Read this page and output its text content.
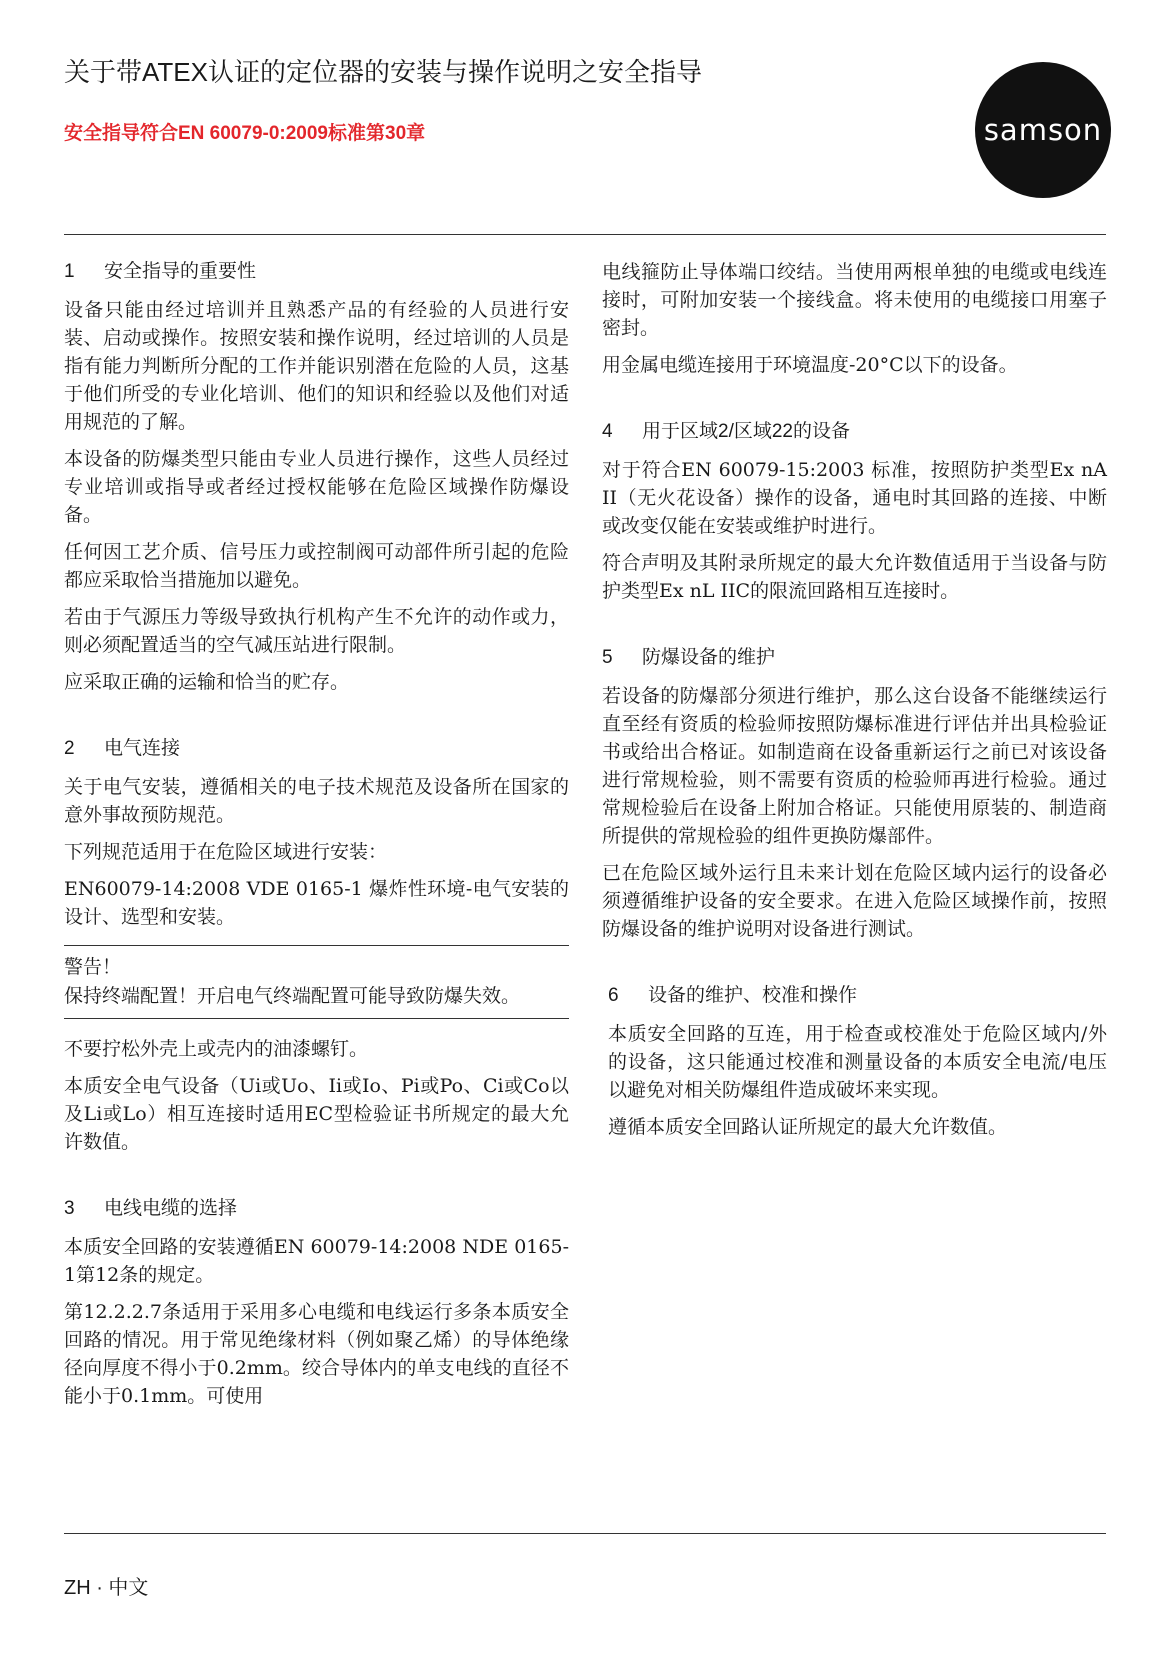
关于带ATEX认证的定位器的安装与操作说明之安全指导
安全指导符合EN 60079-0:2009标准第30章	samson
1 安全指导的重要性

设备只能由经过培训并且熟悉产品的有经验的人员进行安装、启动或操作。按照安装和操作说明，经过培训的人员是指有能力判断所分配的工作并能识别潜在危险的人员，这基于他们所受的专业化培训、他们的知识和经验以及他们对适用规范的了解。

本设备的防爆类型只能由专业人员进行操作，这些人员经过专业培训或指导或者经过授权能够在危险区域操作防爆设备。

任何因工艺介质、信号压力或控制阀可动部件所引起的危险都应采取恰当措施加以避免。

若由于气源压力等级导致执行机构产生不允许的动作或力，则必须配置适当的空气减压站进行限制。

应采取正确的运输和恰当的贮存。

2 电气连接

关于电气安装，遵循相关的电子技术规范及设备所在国家的意外事故预防规范。

下列规范适用于在危险区域进行安装：

EN60079-14:2008 VDE 0165-1 爆炸性环境-电气安装的设计、选型和安装。

警告！

保持终端配置！开启电气终端配置可能导致防爆失效。

不要拧松外壳上或壳内的油漆螺钉。

本质安全电气设备（Ui或Uo、Ii或Io、Pi或Po、Ci或Co以及Li或Lo）相互连接时适用EC型检验证书所规定的最大允许数值。

3 电线电缆的选择

本质安全回路的安装遵循EN 60079-14:2008 NDE 0165-1第12条的规定。

第12.2.2.7条适用于采用多心电缆和电线运行多条本质安全回路的情况。用于常见绝缘材料（例如聚乙烯）的导体绝缘径向厚度不得小于0.2mm。绞合导体内的单支电线的直径不能小于0.1mm。可使用

电线箍防止导体端口绞结。当使用两根单独的电缆或电线连接时，可附加安装一个接线盒。将未使用的电缆接口用塞子密封。

用金属电缆连接用于环境温度-20°C以下的设备。

4 用于区域2/区域22的设备

对于符合EN 60079-15:2003 标准，按照防护类型Ex nA II（无火花设备）操作的设备，通电时其回路的连接、中断或改变仅能在安装或维护时进行。

符合声明及其附录所规定的最大允许数值适用于当设备与防护类型Ex nL IIC的限流回路相互连接时。

5 防爆设备的维护

若设备的防爆部分须进行维护，那么这台设备不能继续运行直至经有资质的检验师按照防爆标准进行评估并出具检验证书或给出合格证。如制造商在设备重新运行之前已对该设备进行常规检验，则不需要有资质的检验师再进行检验。通过常规检验后在设备上附加合格证。只能使用原装的、制造商所提供的常规检验的组件更换防爆部件。

已在危险区域外运行且未来计划在危险区域内运行的设备必须遵循维护设备的安全要求。在进入危险区域操作前，按照防爆设备的维护说明对设备进行测试。

6 设备的维护、校准和操作

本质安全回路的互连，用于检查或校准处于危险区域内/外的设备，这只能通过校准和测量设备的本质安全电流/电压以避免对相关防爆组件造成破坏来实现。

遵循本质安全回路认证所规定的最大允许数值。

ZH · 中文
